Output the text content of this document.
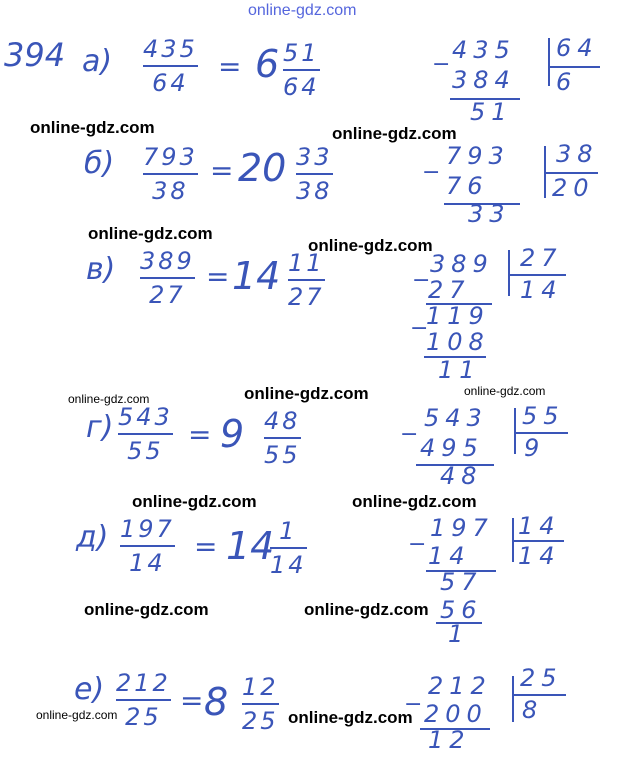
online-gdz.com
394 а) 435
64 = 6 51
64
−
435
384
51
64
6
б) 793
38
= 20 33
38
−
793
76
33
38
20
в) 389
27
= 14 11
27
−
389
27
−
119
108
11
27
14
г) 543
55 = 9 48
55
−
543
495
48
55
9
д) 197
14 = 14 1
14
−
197
14
57
56
1
14
14
е) 212
25 = 8 12
25
−
212
200
12
25
8
online-gdz.com	online-gdz.com
online-gdz.com
online-gdz.com
online-gdz.com	online-gdz.com	online-gdz.com
online-gdz.com	online-gdz.com
online-gdz.com	online-gdz.com
online-gdz.com	online-gdz.com
